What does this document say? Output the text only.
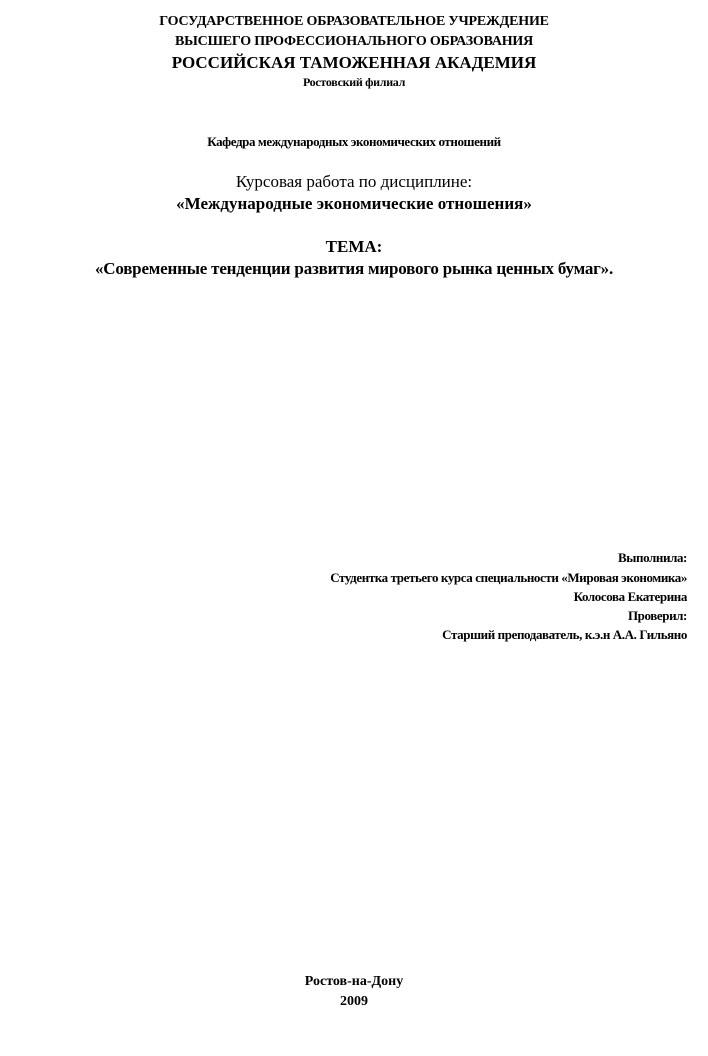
ГОСУДАРСТВЕННОЕ ОБРАЗОВАТЕЛЬНОЕ УЧРЕЖДЕНИЕ
ВЫСШЕГО ПРОФЕССИОНАЛЬНОГО ОБРАЗОВАНИЯ
РОССИЙСКАЯ ТАМОЖЕННАЯ АКАДЕМИЯ
Ростовский филиал
Кафедра международных экономических отношений
Курсовая работа по дисциплине:
«Международные экономические отношения»
ТЕМА:
«Современные тенденции развития мирового рынка ценных бумаг».
Выполнила:
Студентка третьего курса специальности «Мировая экономика»
Колосова Екатерина
Проверил:
Старший преподаватель, к.э.н А.А. Гильяно
Ростов-на-Дону
2009
